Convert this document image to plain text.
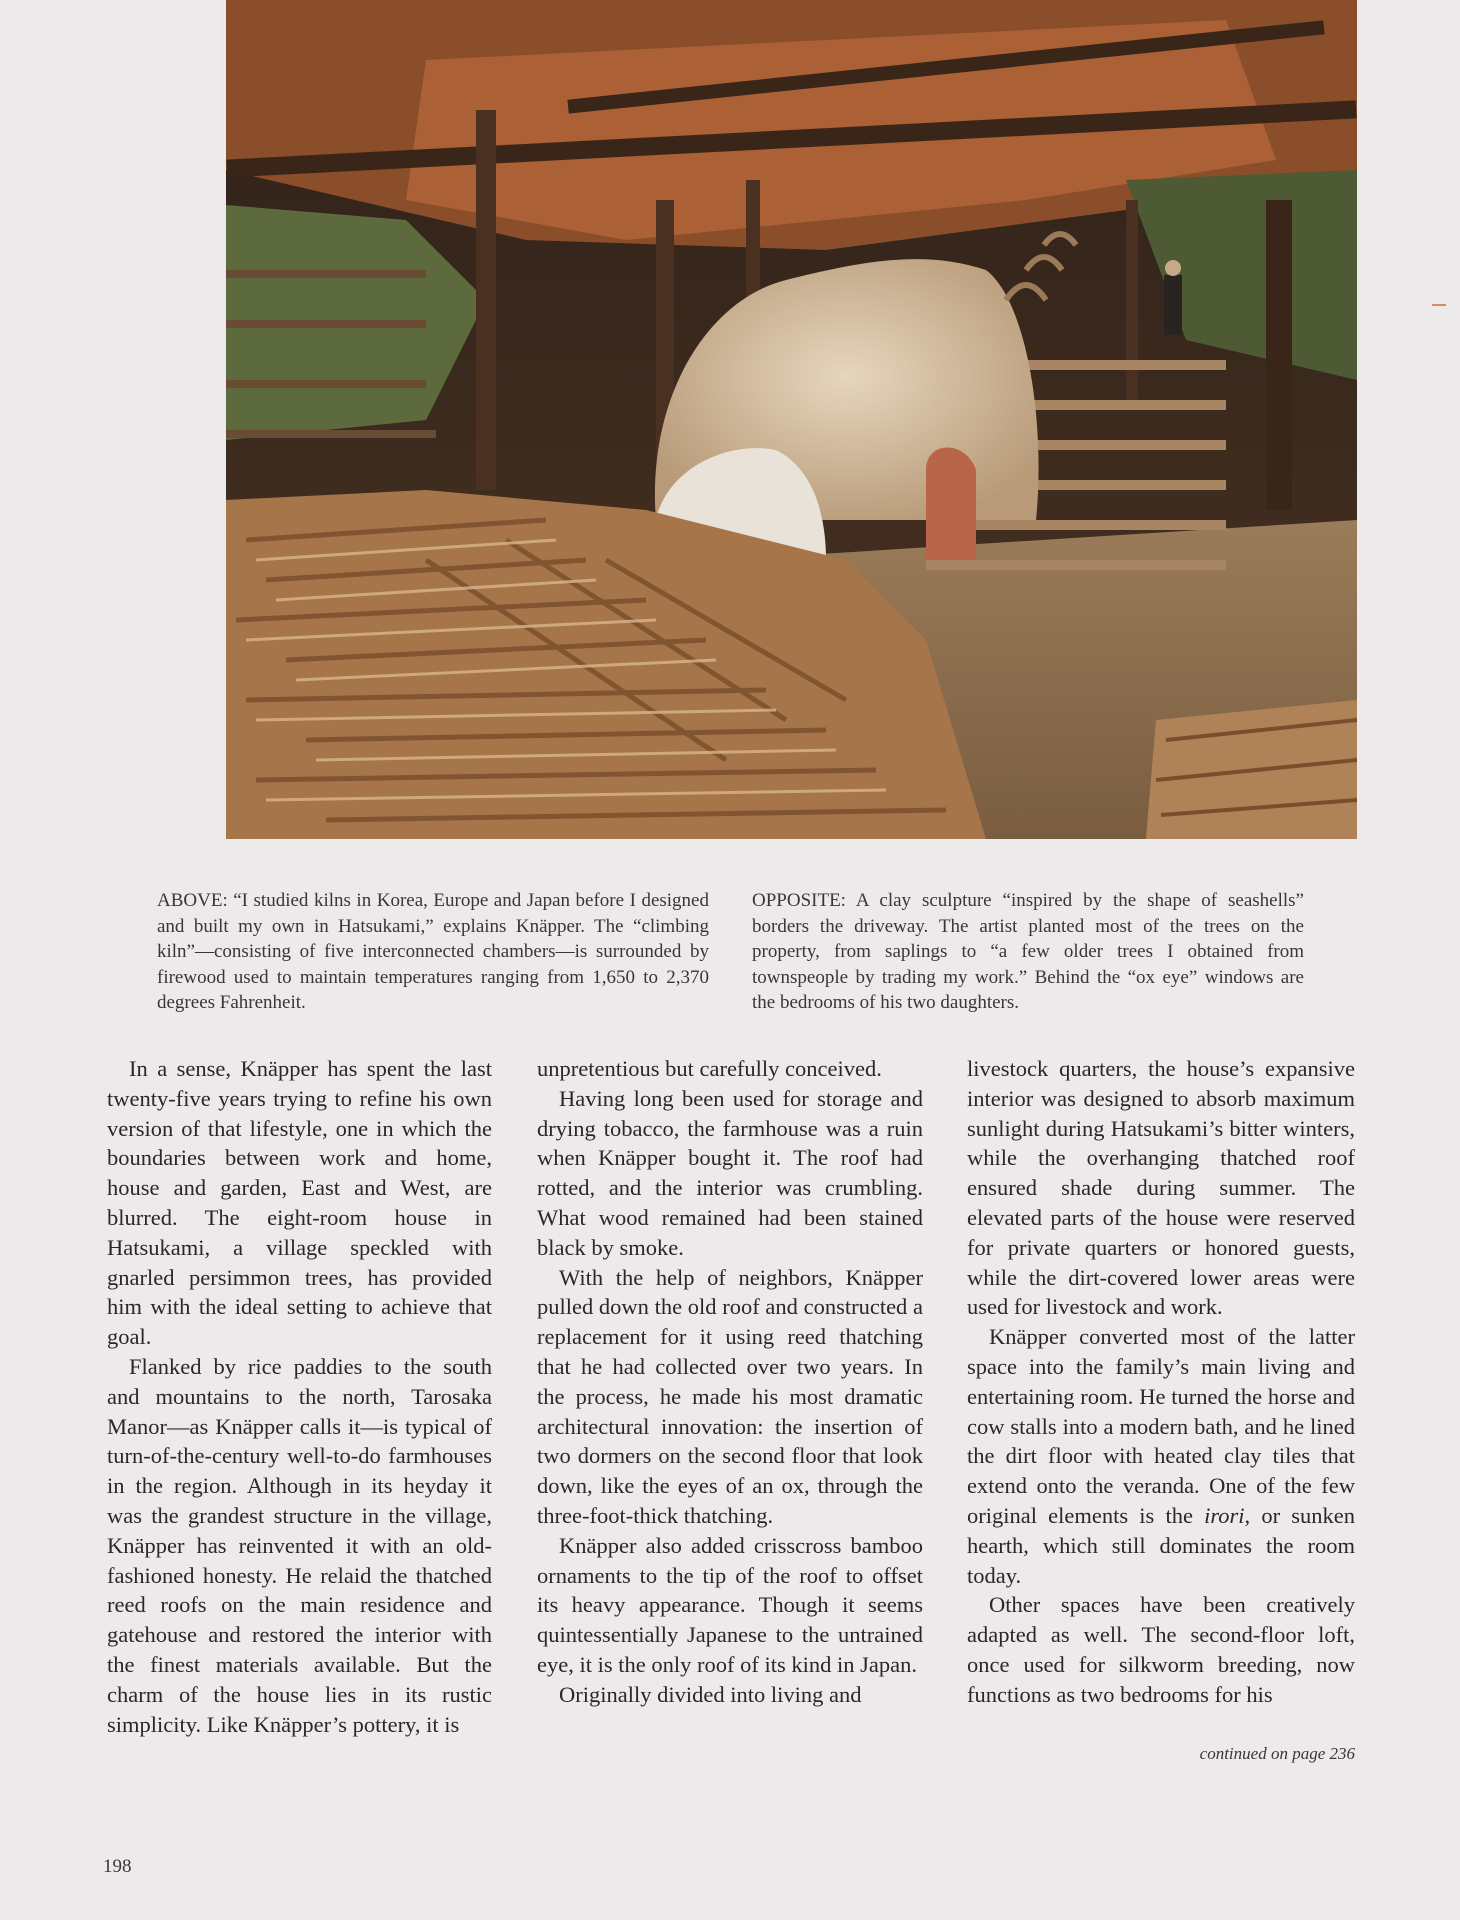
ABOVE: “I studied kilns in Korea, Europe and Japan before I designed and built my own in Hatsukami,” explains Knäpper. The “climbing kiln”—consisting of five interconnected chambers—is surrounded by firewood used to maintain temperatures ranging from 1,650 to 2,370 degrees Fahrenheit.
OPPOSITE: A clay sculpture “inspired by the shape of seashells” borders the driveway. The artist planted most of the trees on the property, from saplings to “a few older trees I obtained from townspeople by trading my work.” Behind the “ox eye” windows are the bedrooms of his two daughters.

In a sense, Knäpper has spent the last twenty-five years trying to refine his own version of that lifestyle, one in which the boundaries between work and home, house and garden, East and West, are blurred. The eight-room house in Hatsukami, a village speckled with gnarled persimmon trees, has provided him with the ideal setting to achieve that goal.

Flanked by rice paddies to the south and mountains to the north, Tarosaka Manor—as Knäpper calls it—is typical of turn-of-the-century well-to-do farmhouses in the region. Although in its heyday it was the grandest structure in the village, Knäpper has reinvented it with an old-fashioned honesty. He relaid the thatched reed roofs on the main residence and gatehouse and restored the interior with the finest materials available. But the charm of the house lies in its rustic simplicity. Like Knäpper’s pottery, it is

unpretentious but carefully conceived.

Having long been used for storage and drying tobacco, the farmhouse was a ruin when Knäpper bought it. The roof had rotted, and the interior was crumbling. What wood remained had been stained black by smoke.

With the help of neighbors, Knäpper pulled down the old roof and constructed a replacement for it using reed thatching that he had collected over two years. In the process, he made his most dramatic architectural innovation: the insertion of two dormers on the second floor that look down, like the eyes of an ox, through the three-foot-thick thatching.

Knäpper also added crisscross bamboo ornaments to the tip of the roof to offset its heavy appearance. Though it seems quintessentially Japanese to the untrained eye, it is the only roof of its kind in Japan.

Originally divided into living and

livestock quarters, the house’s expansive interior was designed to absorb maximum sunlight during Hatsukami’s bitter winters, while the overhanging thatched roof ensured shade during summer. The elevated parts of the house were reserved for private quarters or honored guests, while the dirt-covered lower areas were used for livestock and work.

Knäpper converted most of the latter space into the family’s main living and entertaining room. He turned the horse and cow stalls into a modern bath, and he lined the dirt floor with heated clay tiles that extend onto the veranda. One of the few original elements is the irori, or sunken hearth, which still dominates the room today.

Other spaces have been creatively adapted as well. The second-floor loft, once used for silkworm breeding, now functions as two bedrooms for his

continued on page 236
198
